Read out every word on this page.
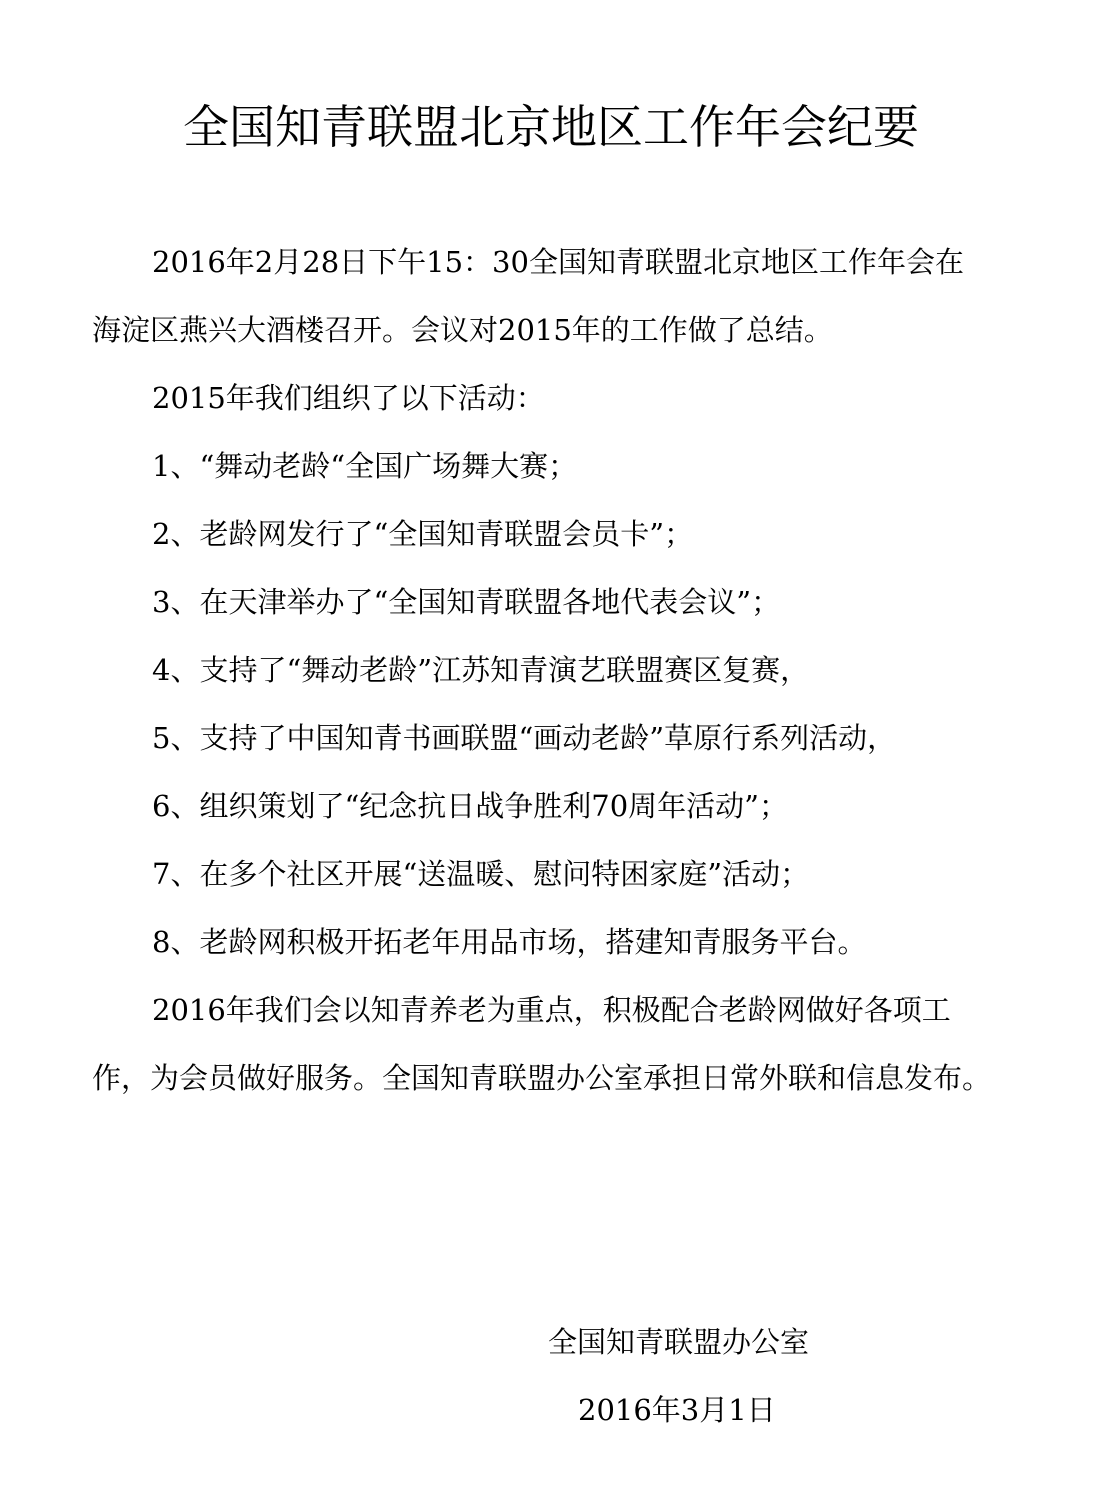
全国知青联盟北京地区工作年会纪要

2016年2月28日下午15：30全国知青联盟北京地区工作年会在海淀区燕兴大酒楼召开。会议对2015年的工作做了总结。

2015年我们组织了以下活动：

1、“舞动老龄“全国广场舞大赛；
2、老龄网发行了“全国知青联盟会员卡”；
3、在天津举办了“全国知青联盟各地代表会议”；
4、支持了“舞动老龄”江苏知青演艺联盟赛区复赛，
5、支持了中国知青书画联盟“画动老龄”草原行系列活动，
6、组织策划了“纪念抗日战争胜利70周年活动”；
7、在多个社区开展“送温暖、慰问特困家庭”活动；
8、老龄网积极开拓老年用品市场，搭建知青服务平台。

2016年我们会以知青养老为重点，积极配合老龄网做好各项工作，为会员做好服务。全国知青联盟办公室承担日常外联和信息发布。

全国知青联盟办公室

2016年3月1日
